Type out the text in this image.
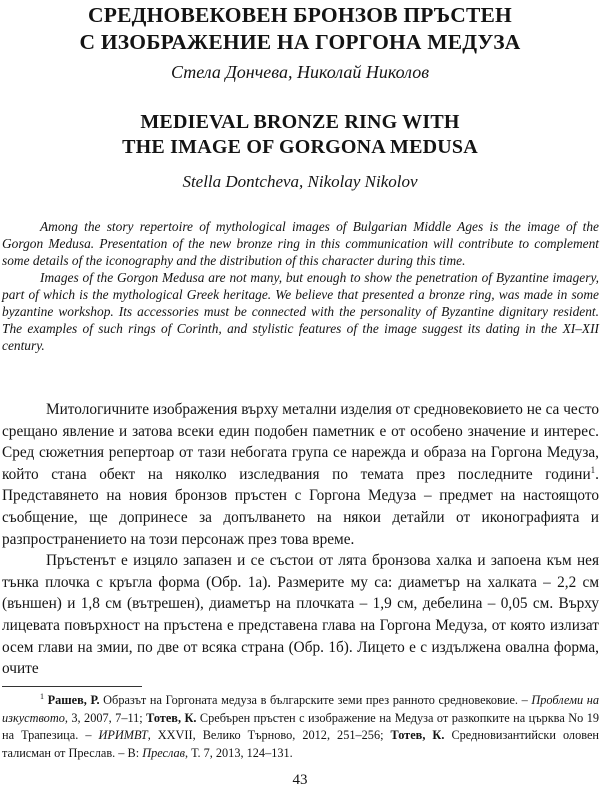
СРЕДНОВЕКОВЕН БРОНЗОВ ПРЪСТЕН
С ИЗОБРАЖЕНИЕ НА ГОРГОНА МЕДУЗА
Стела Дончева, Николай Николов
MEDIEVAL BRONZE RING WITH
THE IMAGE OF GORGONA MEDUSA
Stella Dontcheva, Nikolay Nikolov

Among the story repertoire of mythological images of Bulgarian Middle Ages is the image of the Gorgon Medusa. Presentation of the new bronze ring in this communication will contribute to complement some details of the iconography and the distribution of this character during this time.

Images of the Gorgon Medusa are not many, but enough to show the penetration of Byzantine imagery, part of which is the mythological Greek heritage. We believe that presented a bronze ring, was made in some byzantine workshop. Its accessories must be connected with the personality of Byzantine dignitary resident. The examples of such rings of Corinth, and stylistic features of the image suggest its dating in the XI–XII century.

Митологичните изображения върху метални изделия от средновековието не са често срещано явление и затова всеки един подобен паметник е от особено значение и интерес. Сред сюжетния репертоар от тази небогата група се нарежда и образа на Горгона Медуза, който стана обект на няколко изследвания по темата през последните години$^1$. Представянето на новия бронзов пръстен с Горгона Медуза – предмет на настоящото съобщение, ще допринесе за допълването на някои детайли от иконографията и разпространението на този персонаж през това време.

Пръстенът е изцяло запазен и се състои от лята бронзова халка и запоена към нея тънка плочка с кръгла форма (Обр. 1а). Размерите му са: диаметър на халката – 2,2 см (външен) и 1,8 см (вътрешен), диаметър на плочката – 1,9 см, дебелина – 0,05 см. Върху лицевата повърхност на пръстена е представена глава на Горгона Медуза, от която излизат осем глави на змии, по две от всяка страна (Обр. 1б). Лицето е с издължена овална форма, очите

$^1$ Рашев, Р. Образът на Горгоната медуза в българските земи през ранното средновековие. – Проблеми на изкуството, 3, 2007, 7–11; Тотев, К. Сребърен пръстен с изображение на Медуза от разкопките на църква No 19 на Трапезица. – ИРИМВТ, XXVII, Велико Търново, 2012, 251–256; Тотев, К. Средновизантийски оловен талисман от Преслав. – В: Преслав, Т. 7, 2013, 124–131.
43
